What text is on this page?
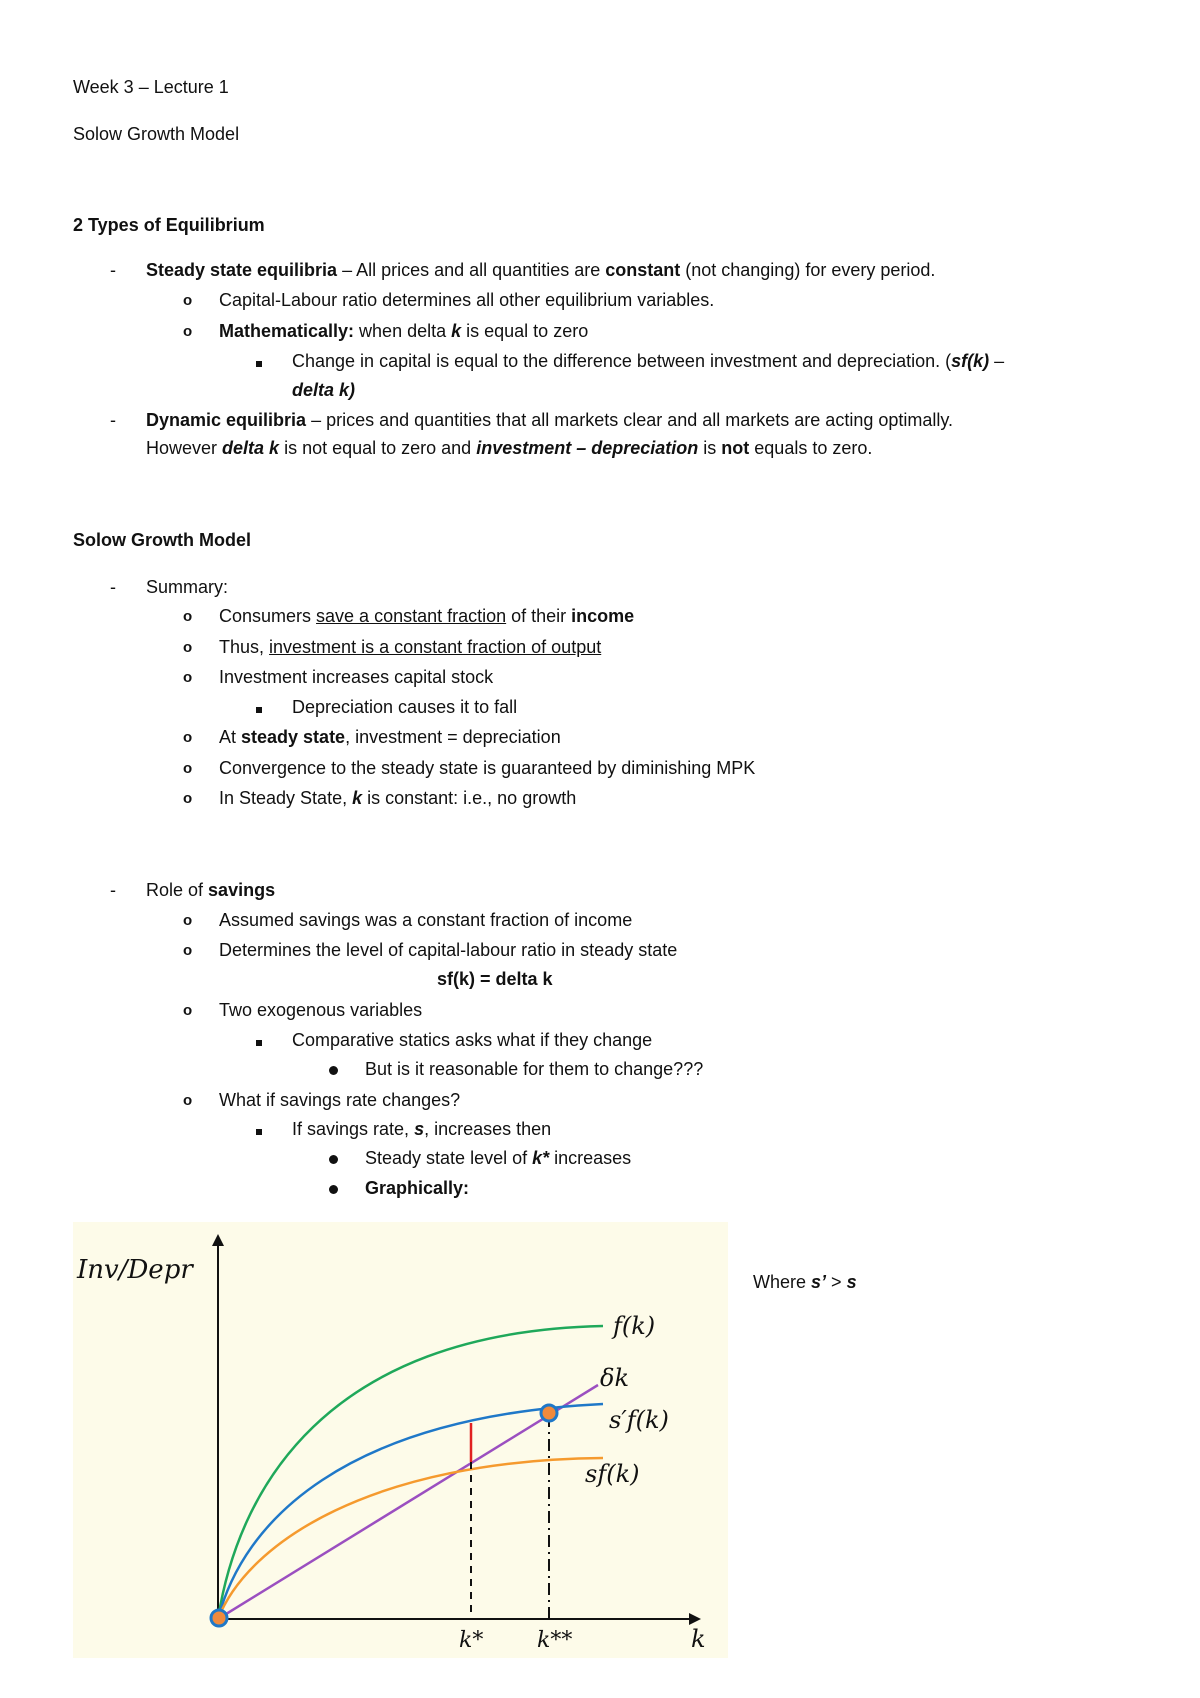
Week 3 – Lecture 1
Solow Growth Model
2 Types of Equilibrium
- Steady state equilibria – All prices and all quantities are constant (not changing) for every period.
o Capital-Labour ratio determines all other equilibrium variables.
o Mathematically: when delta k is equal to zero
Change in capital is equal to the difference between investment and depreciation. (sf(k) –
delta k)
- Dynamic equilibria – prices and quantities that all markets clear and all markets are acting optimally.
However delta k is not equal to zero and investment – depreciation is not equals to zero.
Solow Growth Model
- Summary:
o Consumers save a constant fraction of their income
o Thus, investment is a constant fraction of output
o Investment increases capital stock
Depreciation causes it to fall
o At steady state, investment = depreciation
o Convergence to the steady state is guaranteed by diminishing MPK
o In Steady State, k is constant: i.e., no growth
- Role of savings
o Assumed savings was a constant fraction of income
o Determines the level of capital-labour ratio in steady state
sf(k) = delta k
o Two exogenous variables
Comparative statics asks what if they change
But is it reasonable for them to change???
o What if savings rate changes?
If savings rate, s, increases then
Steady state level of k* increases
Graphically:
Inv/Depr
f(k)
δk
s′f(k)
sf(k)
k* k**	k
Where s’ > s
